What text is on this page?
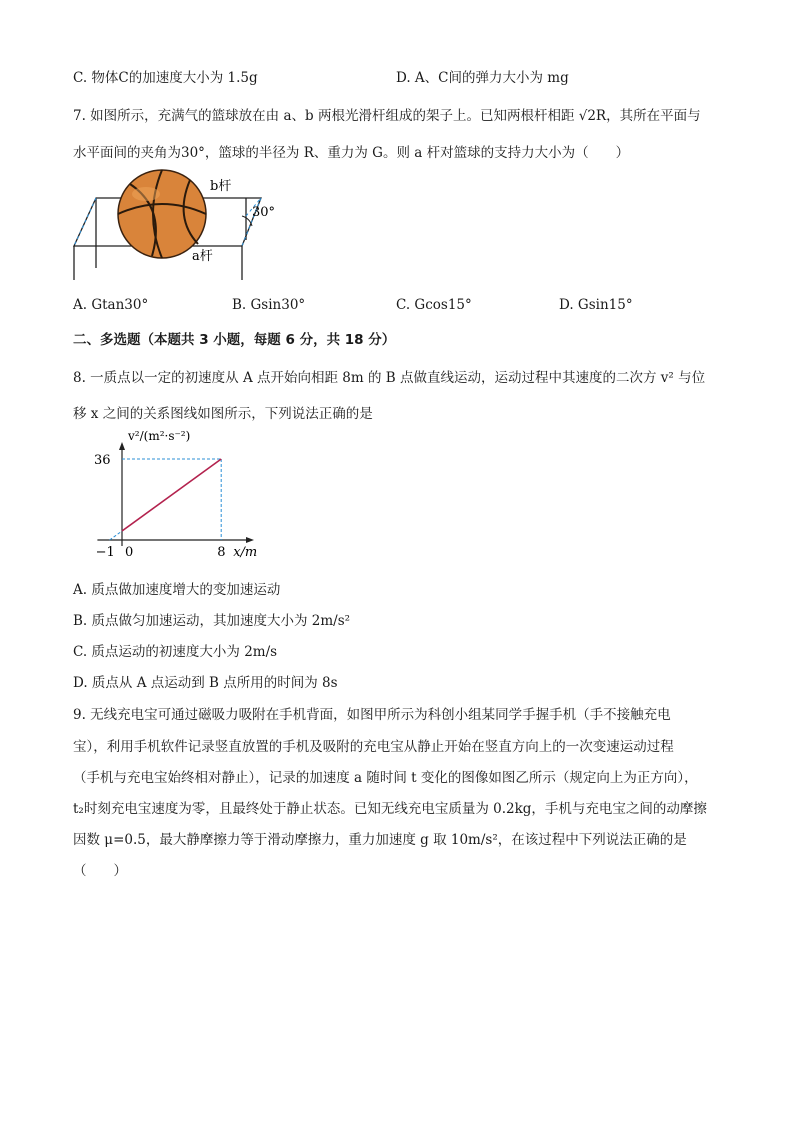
C. 物体C的加速度大小为 1.5g	D. A、C间的弹力大小为 mg
7. 如图所示，充满气的篮球放在由 a、b 两根光滑杆组成的架子上。已知两根杆相距 √2R，其所在平面与
水平面间的夹角为30°，篮球的半径为 R、重力为 G。则 a 杆对篮球的支持力大小为（　　）
b杆
30°
a杆
A. Gtan30°	B. Gsin30°	C. Gcos15°	D. Gsin15°
二、多选题（本题共 3 小题，每题 6 分，共 18 分）
8. 一质点以一定的初速度从 A 点开始向相距 8m 的 B 点做直线运动，运动过程中其速度的二次方 v² 与位
移 x 之间的关系图线如图所示，下列说法正确的是
36
−1 0	8 x/m
v²/(m²·s⁻²)
A. 质点做加速度增大的变加速运动
B. 质点做匀加速运动，其加速度大小为 2m/s²
C. 质点运动的初速度大小为 2m/s
D. 质点从 A 点运动到 B 点所用的时间为 8s
9. 无线充电宝可通过磁吸力吸附在手机背面，如图甲所示为科创小组某同学手握手机（手不接触充电
宝），利用手机软件记录竖直放置的手机及吸附的充电宝从静止开始在竖直方向上的一次变速运动过程
（手机与充电宝始终相对静止），记录的加速度 a 随时间 t 变化的图像如图乙所示（规定向上为正方向），
t₂时刻充电宝速度为零，且最终处于静止状态。已知无线充电宝质量为 0.2kg，手机与充电宝之间的动摩擦
因数 μ=0.5，最大静摩擦力等于滑动摩擦力，重力加速度 g 取 10m/s²，在该过程中下列说法正确的是
（　　）
